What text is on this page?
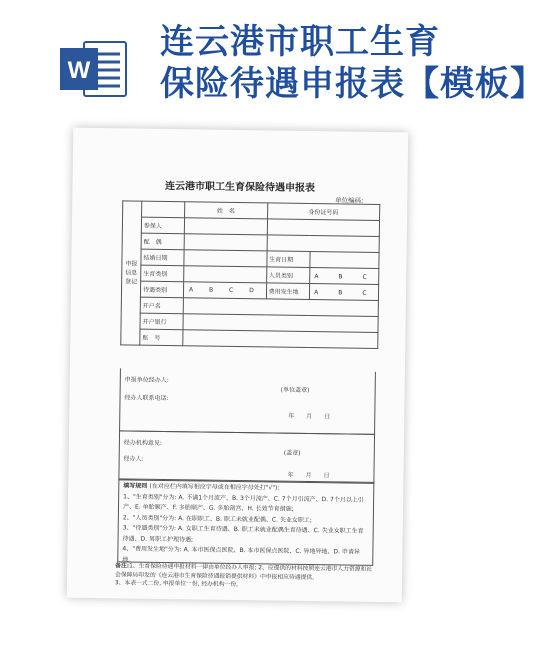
W
连云港市职工生育
保险待遇申报表【模板】
连云港市职工生育保险待遇申报表
单位编码:
申报信息登记		姓　名	身份证号码	
	参保人			
	配　偶			
	结婚日期		生育日期	
	生育类别		人员类别	A　B　C
	待遇类别	A B C D	费用发生地	A　B　C
	开户名			
	开户银行			
	账　号			
申报单位经办人:
(单位盖章)
经办人联系电话:
年　　月　　日
经办机构意见:
(盖章)
经办人:
年　　月　　日
填写规则 (在对应栏内填写相应字母或在相应字母处打"√"):
1、"生育类别"分为: A. 不满1个月流产、B. 3个月流产、C. 7个月引流产、D. 7个月以上引产、E. 单胎顺产、F. 多胎顺产、G. 多胎剖宫、H. 长效节育措施;
2、"人员类别"分为: A. 在职职工、B. 职工未就业配偶、C. 失业女职工;
3、"待遇类别"分为: A. 女职工生育待遇、B. 职工未就业配偶生育待遇、C. 失业女职工生育待遇、D. 男职工护理待遇;
4、"费用发生地"分为: A. 本市医保点医院、B. 本市医保点医院、C. 异地异地、D. 申请异地。
备注:1、生育保险待遇申报材料一律由单位经办人申报; 2、应提供的材料按照连云港市人力资源和社会保障局印发的《连云港市生育保险待遇报销提供材料》中申报相应待遇提供。
3、本表一式二份, 申报单位一份, 经办机构一份。
